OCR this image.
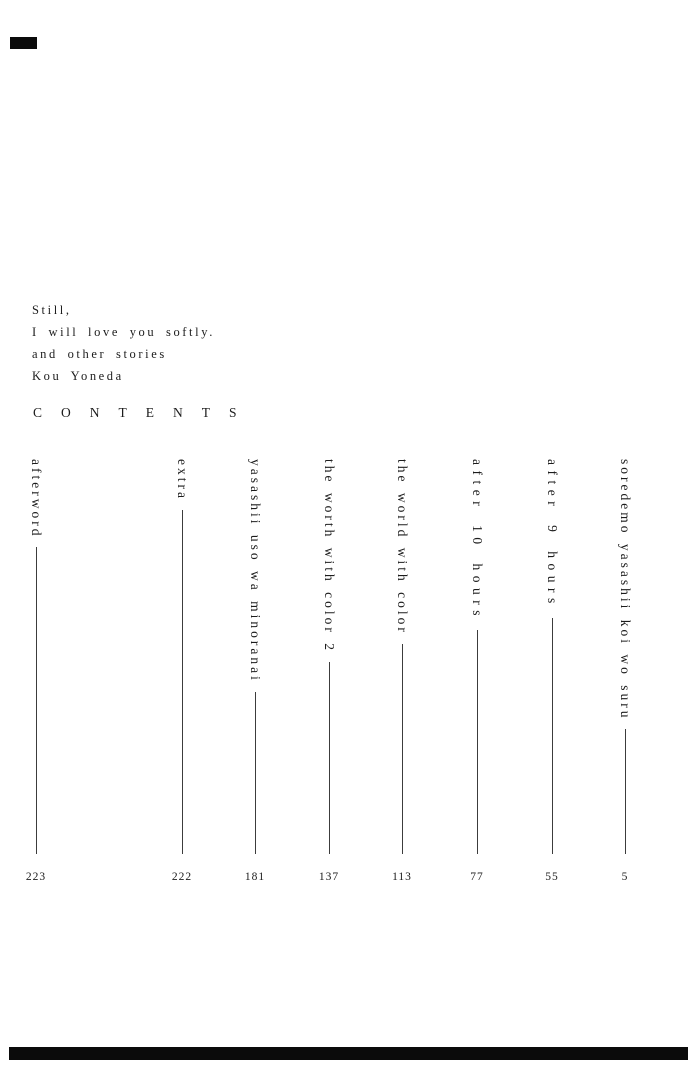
Still,
I will love you softly.
and other stories
Kou Yoneda
CONTENTS
afterword
223
extra
222
yasashii uso wa minoranai
181
the worth with color 2
137
the world with color
113
after 10 hours
77
after 9 hours
55
soredemo yasashii koi wo suru
5
